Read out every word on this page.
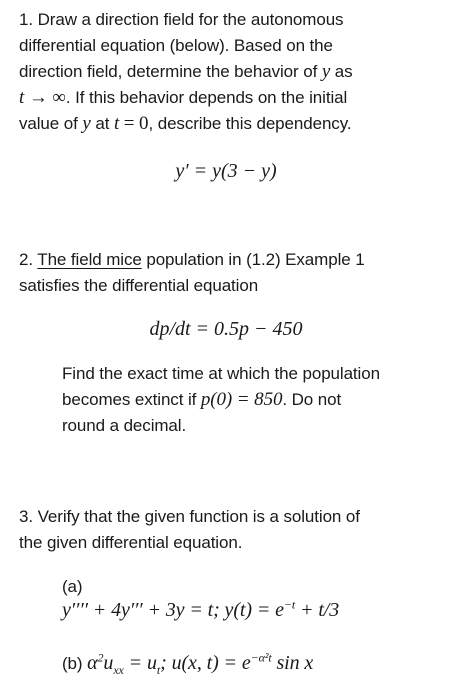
1. Draw a direction field for the autonomous
differential equation (below). Based on the
direction field, determine the behavior of y as
t → ∞. If this behavior depends on the initial
value of y at t = 0, describe this dependency.
y′ = y(3 − y)
2. The field mice population in (1.2) Example 1
satisfies the differential equation
dp/dt = 0.5p − 450
Find the exact time at which the population
becomes extinct if p(0) = 850. Do not
round a decimal.
3. Verify that the given function is a solution of
the given differential equation.
(a)
y′′′′ + 4y′′′ + 3y = t; $y(t) = e^{-t} + t/3$
(b) $\alpha^2u_{xx} = u_t$; u(x, $t) = e^{-\alpha^2t}$ sin x
